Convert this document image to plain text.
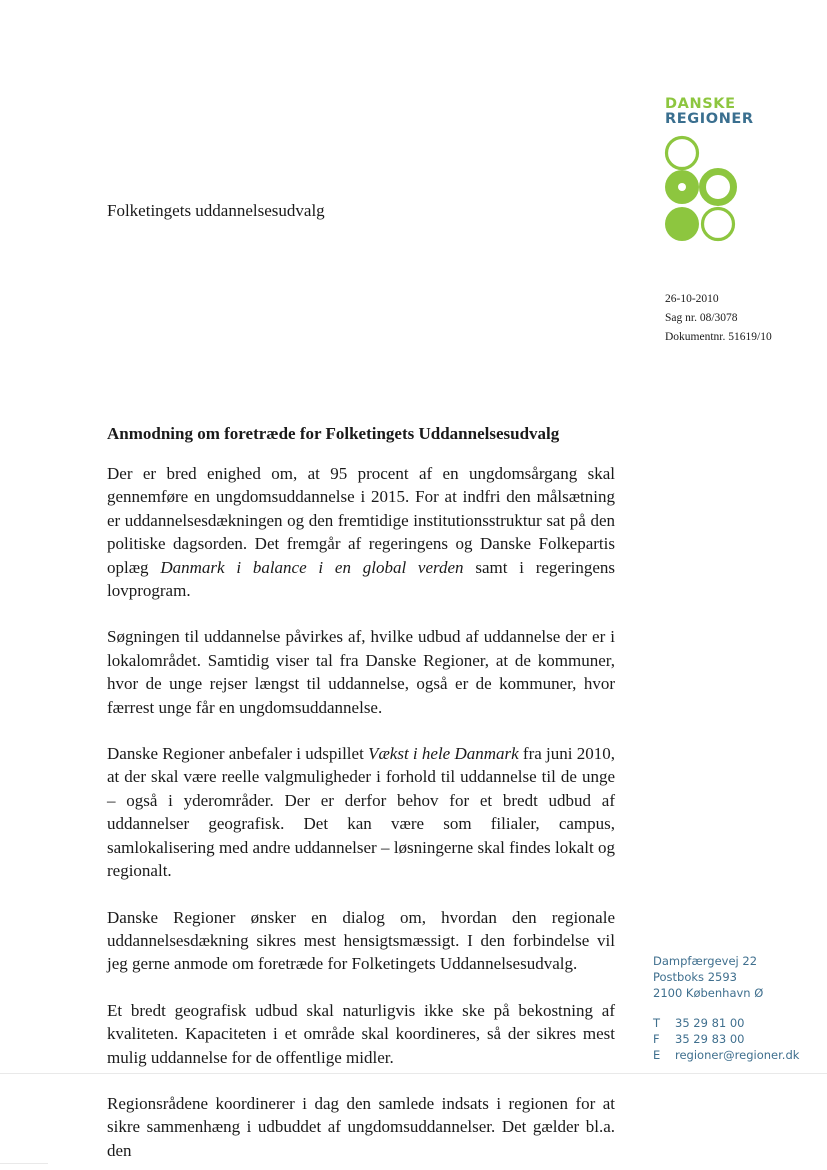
DANSKE
REGIONER
Folketingets uddannelsesudvalg
26-10-2010
Sag nr. 08/3078
Dokumentnr. 51619/10
Anmodning om foretræde for Folketingets Uddannelsesudvalg

Der er bred enighed om, at 95 procent af en ungdomsårgang skal gennemføre en ungdomsuddannelse i 2015. For at indfri den målsætning er uddannelsesdækningen og den fremtidige institutionsstruktur sat på den politiske dagsorden. Det fremgår af regeringens og Danske Folkepartis oplæg Danmark i balance i en global verden samt i regeringens lovprogram.

Søgningen til uddannelse påvirkes af, hvilke udbud af uddannelse der er i lokalområdet. Samtidig viser tal fra Danske Regioner, at de kommuner, hvor de unge rejser længst til uddannelse, også er de kommuner, hvor færrest unge får en ungdomsuddannelse.

Danske Regioner anbefaler i udspillet Vækst i hele Danmark fra juni 2010, at der skal være reelle valgmuligheder i forhold til uddannelse til de unge – også i yderområder. Der er derfor behov for et bredt udbud af uddannelser geografisk. Det kan være som filialer, campus, samlokalisering med andre uddannelser – løsningerne skal findes lokalt og regionalt.

Danske Regioner ønsker en dialog om, hvordan den regionale uddannelsesdækning sikres mest hensigtsmæssigt. I den forbindelse vil jeg gerne anmode om foretræde for Folketingets Uddannelsesudvalg.

Et bredt geografisk udbud skal naturligvis ikke ske på bekostning af kvaliteten. Kapaciteten i et område skal koordineres, så der sikres mest mulig uddannelse for de offentlige midler.

Regionsrådene koordinerer i dag den samlede indsats i regionen for at sikre sammenhæng i udbuddet af ungdomsuddannelser. Det gælder bl.a. den

Dampfærgevej 22
Postboks 2593
2100 København Ø
T 35 29 81 00
F 35 29 83 00
E regioner@regioner.dk
